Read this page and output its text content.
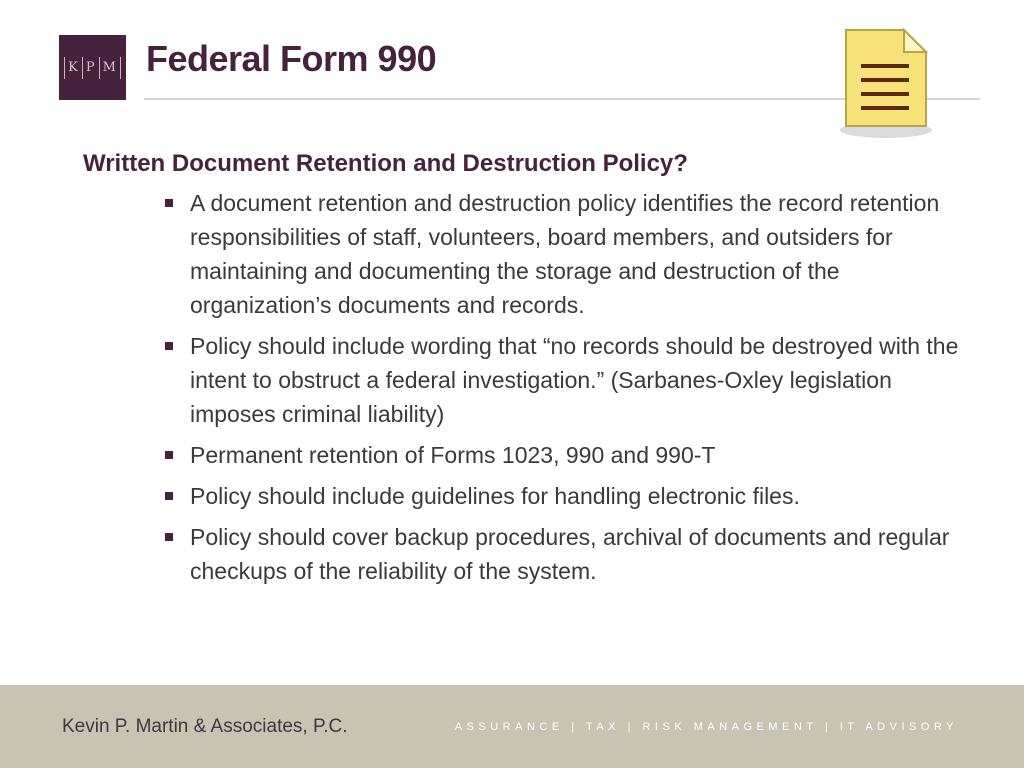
K P M Federal Form 990
Written Document Retention and Destruction Policy?
A document retention and destruction policy identifies the record retention responsibilities of staff, volunteers, board members, and outsiders for maintaining and documenting the storage and destruction of the organization’s documents and records.
Policy should include wording that “no records should be destroyed with the intent to obstruct a federal investigation.” (Sarbanes-Oxley legislation imposes criminal liability)
Permanent retention of Forms 1023, 990 and 990-T
Policy should include guidelines for handling electronic files.
Policy should cover backup procedures, archival of documents and regular checkups of the reliability of the system.
Kevin P. Martin & Associates, P.C.	ASSURANCE | TAX | RISK MANAGEMENT | IT ADVISORY
